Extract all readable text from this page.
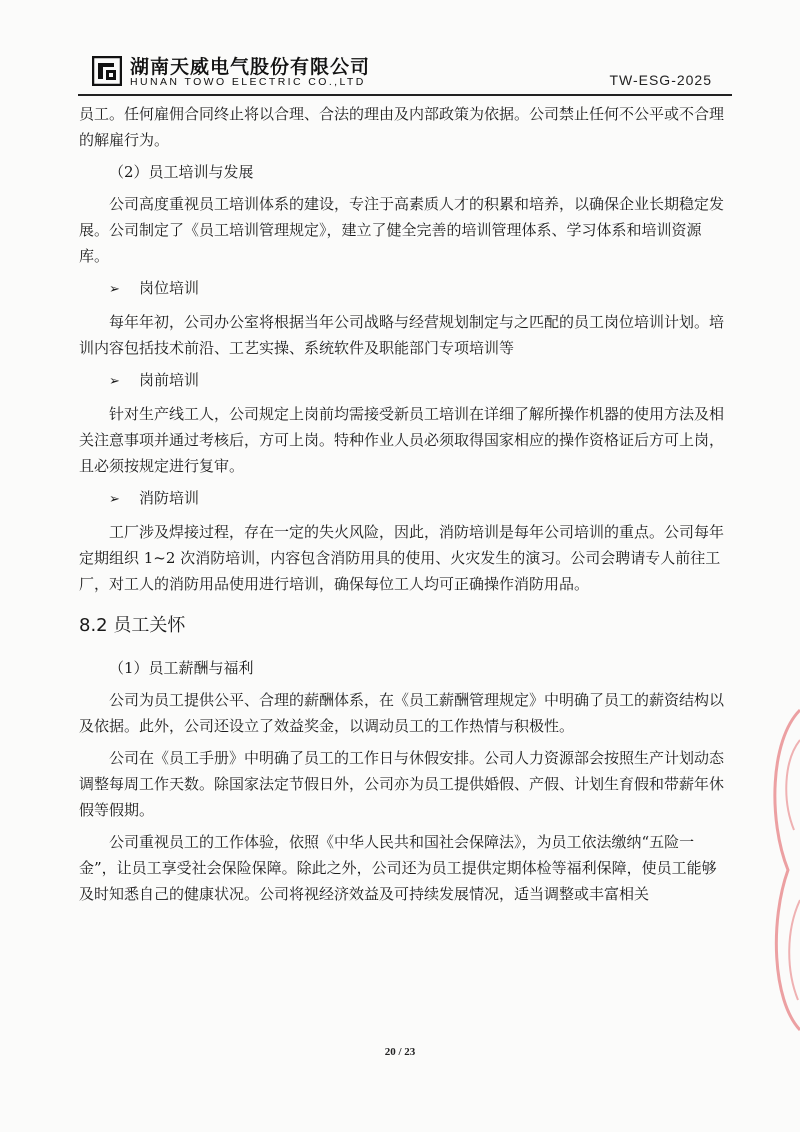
湖南天威电气股份有限公司
HUNAN TOWO ELECTRIC CO.,LTD	TW-ESG-2025

员工。任何雇佣合同终止将以合理、合法的理由及内部政策为依据。公司禁止任何不公平或不合理的解雇行为。

（2）员工培训与发展

公司高度重视员工培训体系的建设，专注于高素质人才的积累和培养，以确保企业长期稳定发展。公司制定了《员工培训管理规定》，建立了健全完善的培训管理体系、学习体系和培训资源库。

➢ 岗位培训

每年年初，公司办公室将根据当年公司战略与经营规划制定与之匹配的员工岗位培训计划。培训内容包括技术前沿、工艺实操、系统软件及职能部门专项培训等

➢ 岗前培训

针对生产线工人，公司规定上岗前均需接受新员工培训在详细了解所操作机器的使用方法及相关注意事项并通过考核后，方可上岗。特种作业人员必须取得国家相应的操作资格证后方可上岗，且必须按规定进行复审。

➢ 消防培训

工厂涉及焊接过程，存在一定的失火风险，因此，消防培训是每年公司培训的重点。公司每年定期组织 1~2 次消防培训，内容包含消防用具的使用、火灾发生的演习。公司会聘请专人前往工厂，对工人的消防用品使用进行培训，确保每位工人均可正确操作消防用品。

8.2 员工关怀

（1）员工薪酬与福利

公司为员工提供公平、合理的薪酬体系，在《员工薪酬管理规定》中明确了员工的薪资结构以及依据。此外，公司还设立了效益奖金，以调动员工的工作热情与积极性。

公司在《员工手册》中明确了员工的工作日与休假安排。公司人力资源部会按照生产计划动态调整每周工作天数。除国家法定节假日外，公司亦为员工提供婚假、产假、计划生育假和带薪年休假等假期。

公司重视员工的工作体验，依照《中华人民共和国社会保障法》，为员工依法缴纳“五险一金”，让员工享受社会保险保障。除此之外，公司还为员工提供定期体检等福利保障，使员工能够及时知悉自己的健康状况。公司将视经济效益及可持续发展情况，适当调整或丰富相关

20 / 23
